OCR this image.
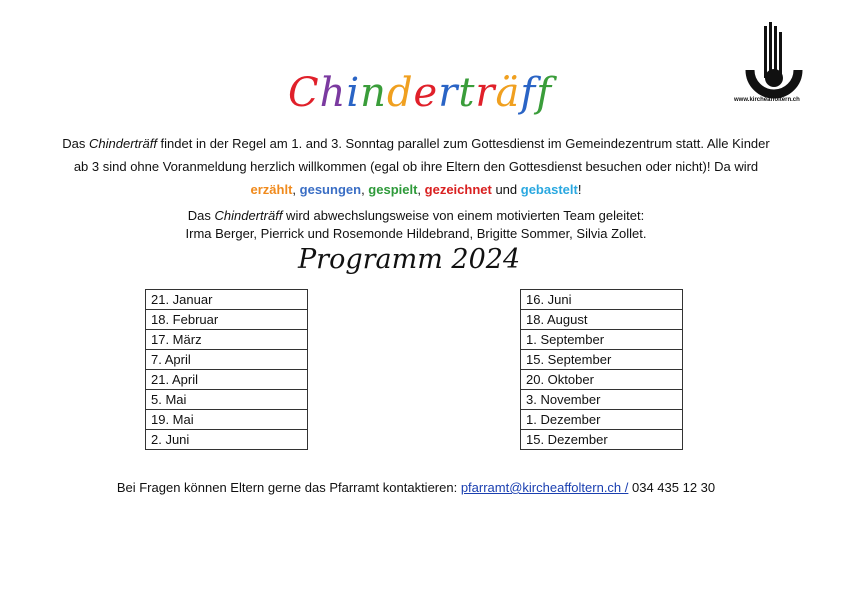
Chinderträff	www.kircheaffoltern.ch
Das Chinderträff findet in der Regel am 1. and 3. Sonntag parallel zum Gottesdienst im Gemeindezentrum statt. Alle Kinder ab 3 sind ohne Voranmeldung herzlich willkommen (egal ob ihre Eltern den Gottesdienst besuchen oder nicht)! Da wird erzählt, gesungen, gespielt, gezeichnet und gebastelt!
Das Chinderträff wird abwechslungsweise von einem motivierten Team geleitet:
Irma Berger, Pierrick und Rosemonde Hildebrand, Brigitte Sommer, Silvia Zollet.
Programm 2024
21. Januar
18. Februar
17. März
7. April
21. April
5. Mai
19. Mai
2. Juni
16. Juni
18. August
1. September
15. September
20. Oktober
3. November
1. Dezember
15. Dezember
Bei Fragen können Eltern gerne das Pfarramt kontaktieren: pfarramt@kircheaffoltern.ch / 034 435 12 30
